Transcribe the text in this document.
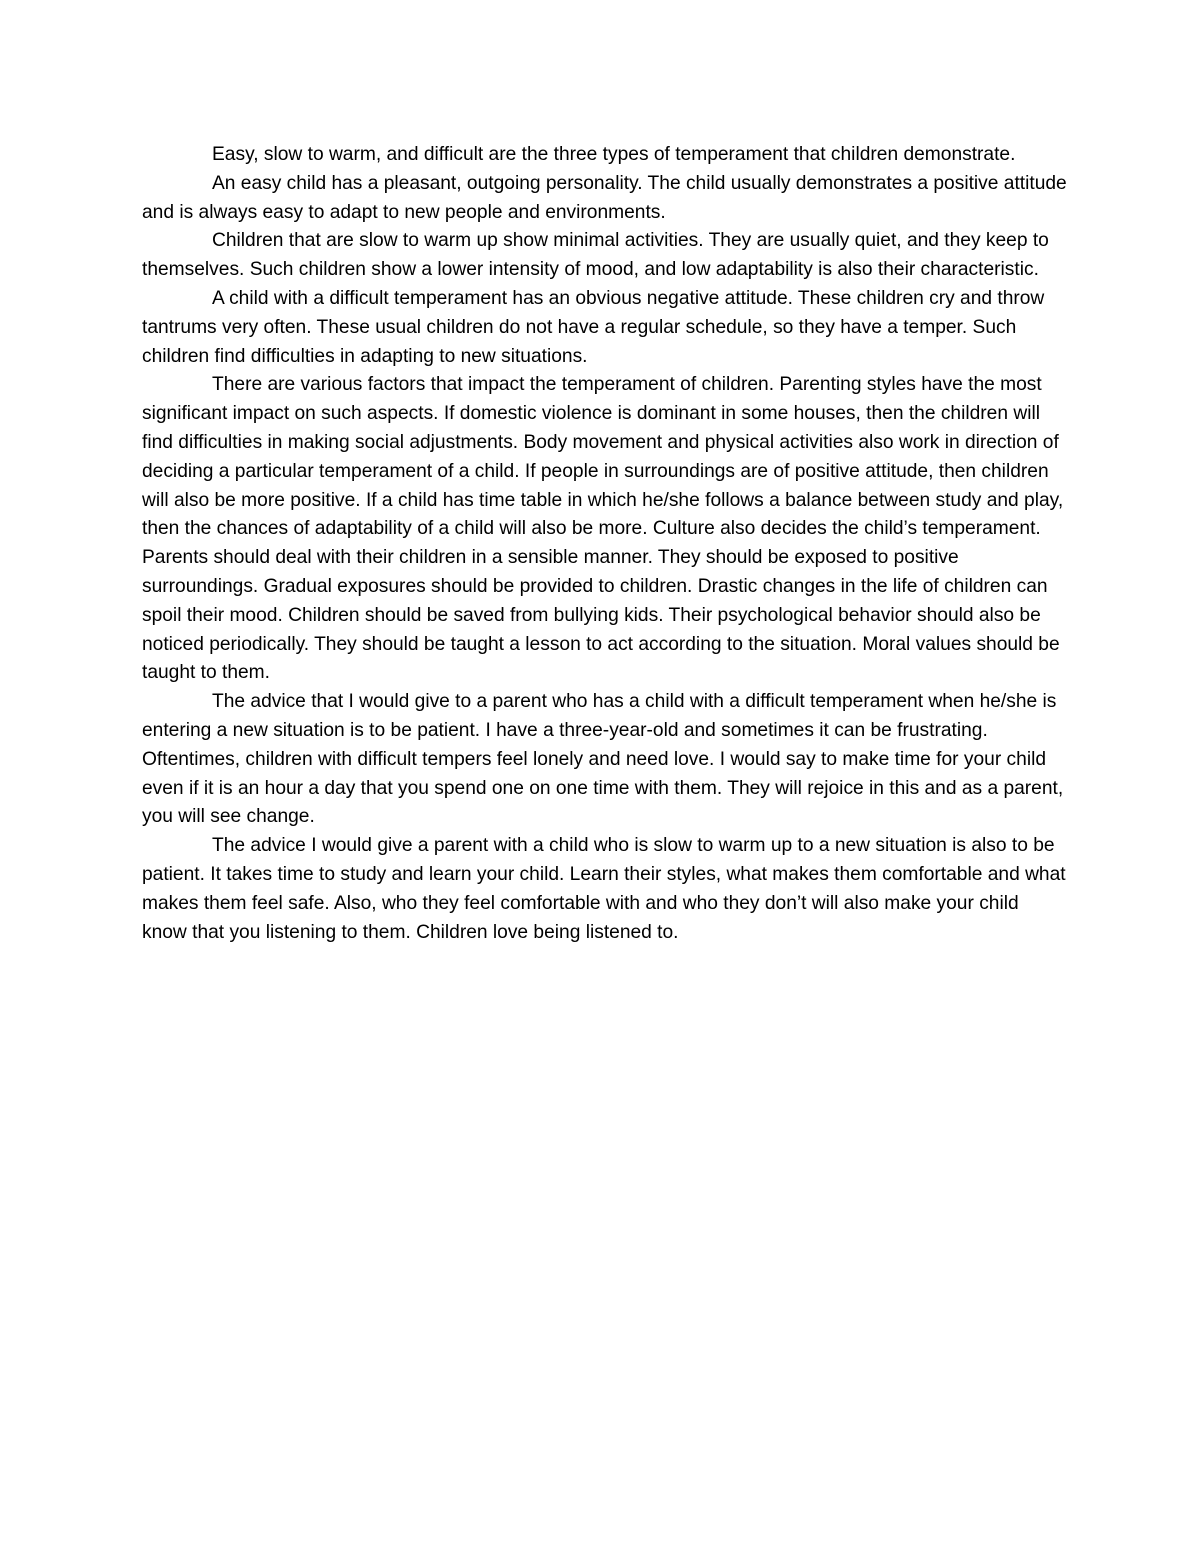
Easy, slow to warm, and difficult are the three types of temperament that children demonstrate.

An easy child has a pleasant, outgoing personality. The child usually demonstrates a positive attitude and is always easy to adapt to new people and environments.

Children that are slow to warm up show minimal activities. They are usually quiet, and they keep to themselves. Such children show a lower intensity of mood, and low adaptability is also their characteristic.

A child with a difficult temperament has an obvious negative attitude. These children cry and throw tantrums very often. These usual children do not have a regular schedule, so they have a temper. Such children find difficulties in adapting to new situations.

There are various factors that impact the temperament of children. Parenting styles have the most significant impact on such aspects. If domestic violence is dominant in some houses, then the children will find difficulties in making social adjustments. Body movement and physical activities also work in direction of deciding a particular temperament of a child. If people in surroundings are of positive attitude, then children will also be more positive. If a child has time table in which he/she follows a balance between study and play, then the chances of adaptability of a child will also be more. Culture also decides the child’s temperament. Parents should deal with their children in a sensible manner. They should be exposed to positive surroundings. Gradual exposures should be provided to children. Drastic changes in the life of children can spoil their mood. Children should be saved from bullying kids. Their psychological behavior should also be noticed periodically. They should be taught a lesson to act according to the situation. Moral values should be taught to them.

The advice that I would give to a parent who has a child with a difficult temperament when he/she is entering a new situation is to be patient. I have a three-year-old and sometimes it can be frustrating. Oftentimes, children with difficult tempers feel lonely and need love. I would say to make time for your child even if it is an hour a day that you spend one on one time with them. They will rejoice in this and as a parent, you will see change.

The advice I would give a parent with a child who is slow to warm up to a new situation is also to be patient. It takes time to study and learn your child. Learn their styles, what makes them comfortable and what makes them feel safe. Also, who they feel comfortable with and who they don’t will also make your child know that you listening to them. Children love being listened to.
